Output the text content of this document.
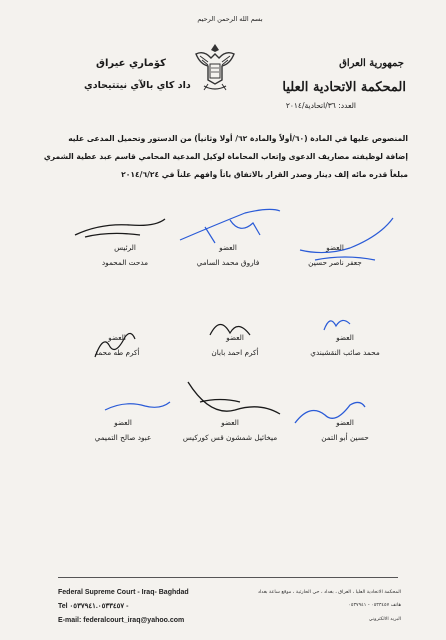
بسم الله الرحمن الرحيم
جمهورية العراق
المحكمة الاتحادية العليا
العدد: ٣٦/اتحادية/٢٠١٤
كوٚماري عيراق
داد كاي بالآي نيتتيحادي
المنصوص عليها في المادة (٦٠/أولاً والمادة ٦٢/ أولا وثانياً) من الدستور وتحميل المدعى عليه
إضافة لوظيفته مصاريف الدعوى وإتعاب المحاماة لوكيل المدعية المحامي قاسم عبد عطية الشمري
مبلغاً قدره مائه إلف دينار وصدر القرار بالاتفاق باتاً وافهم علناً في ٢٠١٤/٦/٢٤
الرئيس
مدحت المحمود
العضو
فاروق محمد السامي
العضو
جعفر ناصر حسين
العضو
أكرم طه محمد
العضو
أكرم احمد بابان
العضو
محمد صائب النقشبندي
العضو
عبود صالح التميمي
العضو
ميخائيل شمشون قس كوركيس
العضو
حسين أبو التمن
Federal Supreme Court - Iraq- Baghdad
Tel ٠٥٣٧٩٤١.٠٥٣٣٤٥٧ -
E-mail: federalcourt_iraq@yahoo.com
المحكمة الاتحادية العليا ، العراق ، بغداد ، حي الحارثية ، موقع ساعة بغداد
هاتف ٠٥٣٣٤٥٧ - ٠٥٣٧٩٤١
البريد الالكتروني
